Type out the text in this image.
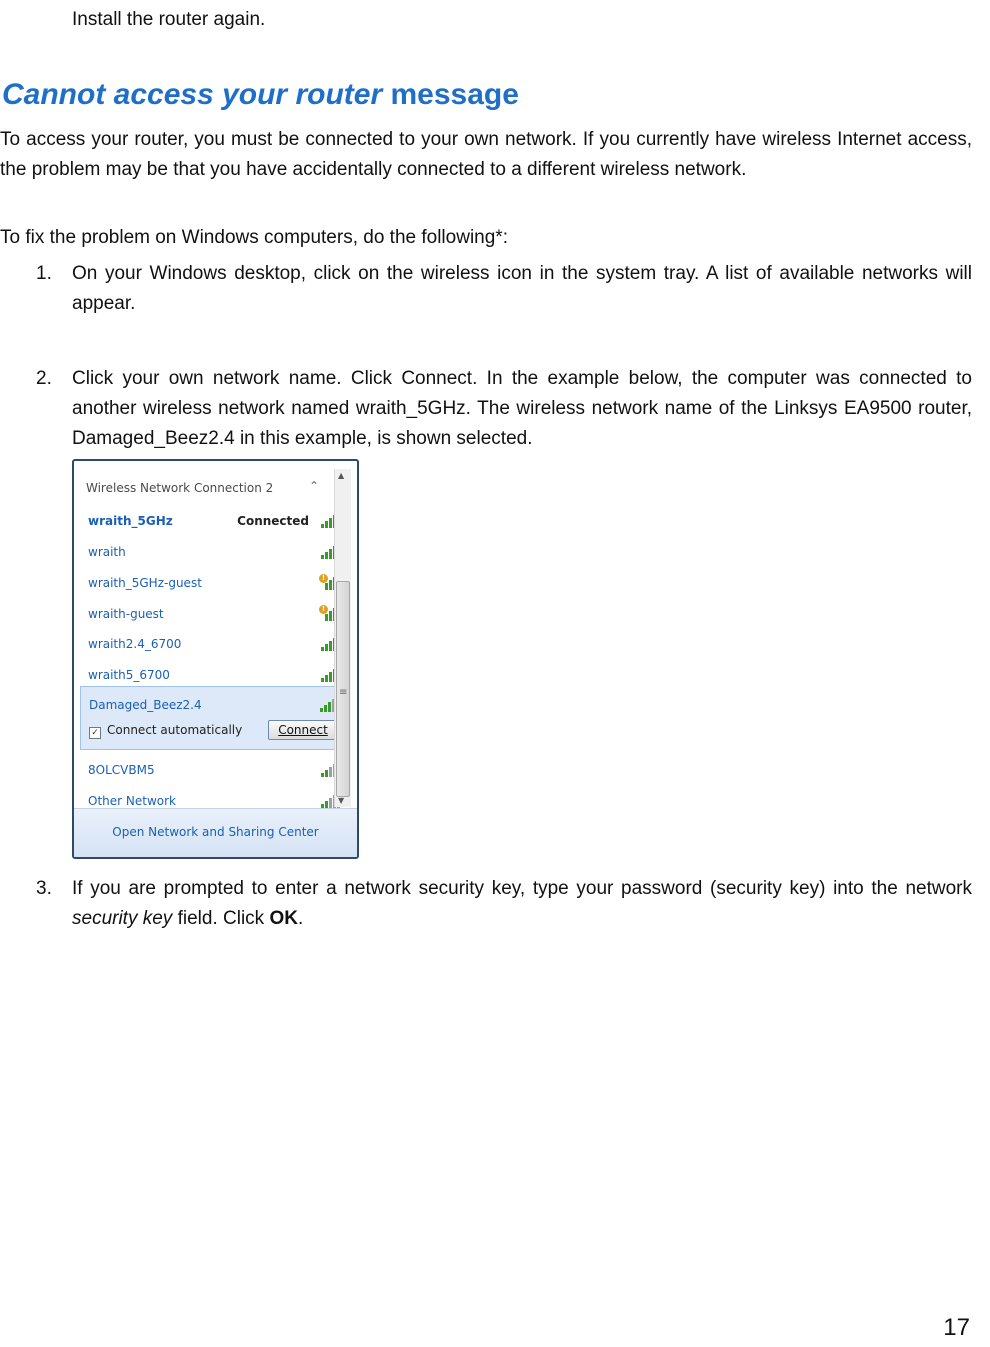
Install the router again.

Cannot access your router message

To access your router, you must be connected to your own network. If you currently have wireless Internet access, the problem may be that you have accidentally connected to a different wireless network.

To fix the problem on Windows computers, do the following*:

1. On your Windows desktop, click on the wireless icon in the system tray. A list of available networks will appear.

2. Click your own network name. Click Connect. In the example below, the computer was connected to another wireless network named wraith_5GHz. The wireless network name of the Linksys EA9500 router, Damaged_Beez2.4 in this example, is shown selected.

Wireless Network Connection 2	⌃
wraith_5GHz	Connected
wraith
wraith_5GHz-guest	!
wraith-guest	!
wraith2.4_6700
wraith5_6700
Damaged_Beez2.4
✓ Connect automatically	Connect
8OLCVBM5
Other Network
▲
≡
▼
Open Network and Sharing Center
3. If you are prompted to enter a network security key, type your password (security key) into the network security key field. Click OK.

17
